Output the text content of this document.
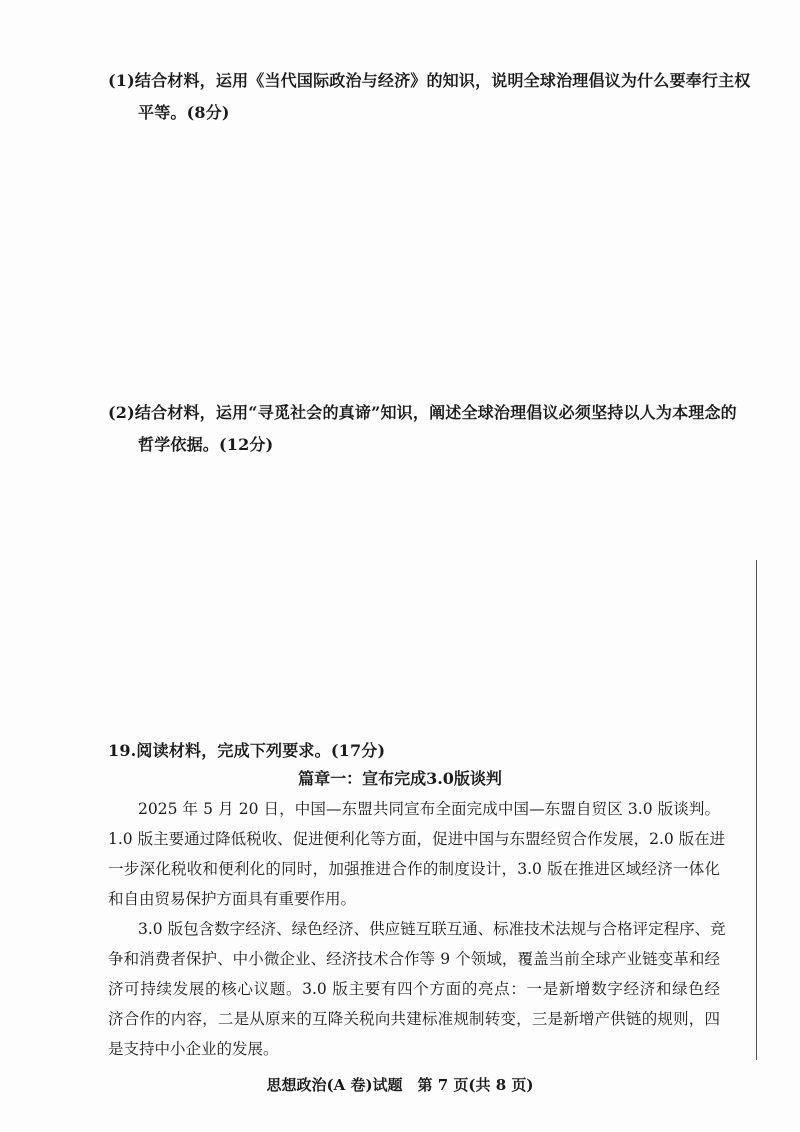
(1)结合材料，运用《当代国际政治与经济》的知识，说明全球治理倡议为什么要奉行主权
平等。(8分)
(2)结合材料，运用“寻觅社会的真谛”知识，阐述全球治理倡议必须坚持以人为本理念的
哲学依据。(12分)
19.阅读材料，完成下列要求。(17分)
篇章一：宣布完成3.0版谈判
2025 年 5 月 20 日，中国—东盟共同宣布全面完成中国—东盟自贸区 3.0 版谈判。
1.0 版主要通过降低税收、促进便利化等方面，促进中国与东盟经贸合作发展，2.0 版在进
一步深化税收和便利化的同时，加强推进合作的制度设计，3.0 版在推进区域经济一体化
和自由贸易保护方面具有重要作用。
3.0 版包含数字经济、绿色经济、供应链互联互通、标准技术法规与合格评定程序、竞
争和消费者保护、中小微企业、经济技术合作等 9 个领域，覆盖当前全球产业链变革和经
济可持续发展的核心议题。3.0 版主要有四个方面的亮点：一是新增数字经济和绿色经
济合作的内容，二是从原来的互降关税向共建标准规制转变，三是新增产供链的规则，四
是支持中小企业的发展。
思想政治(A 卷)试题　第 7 页(共 8 页)
